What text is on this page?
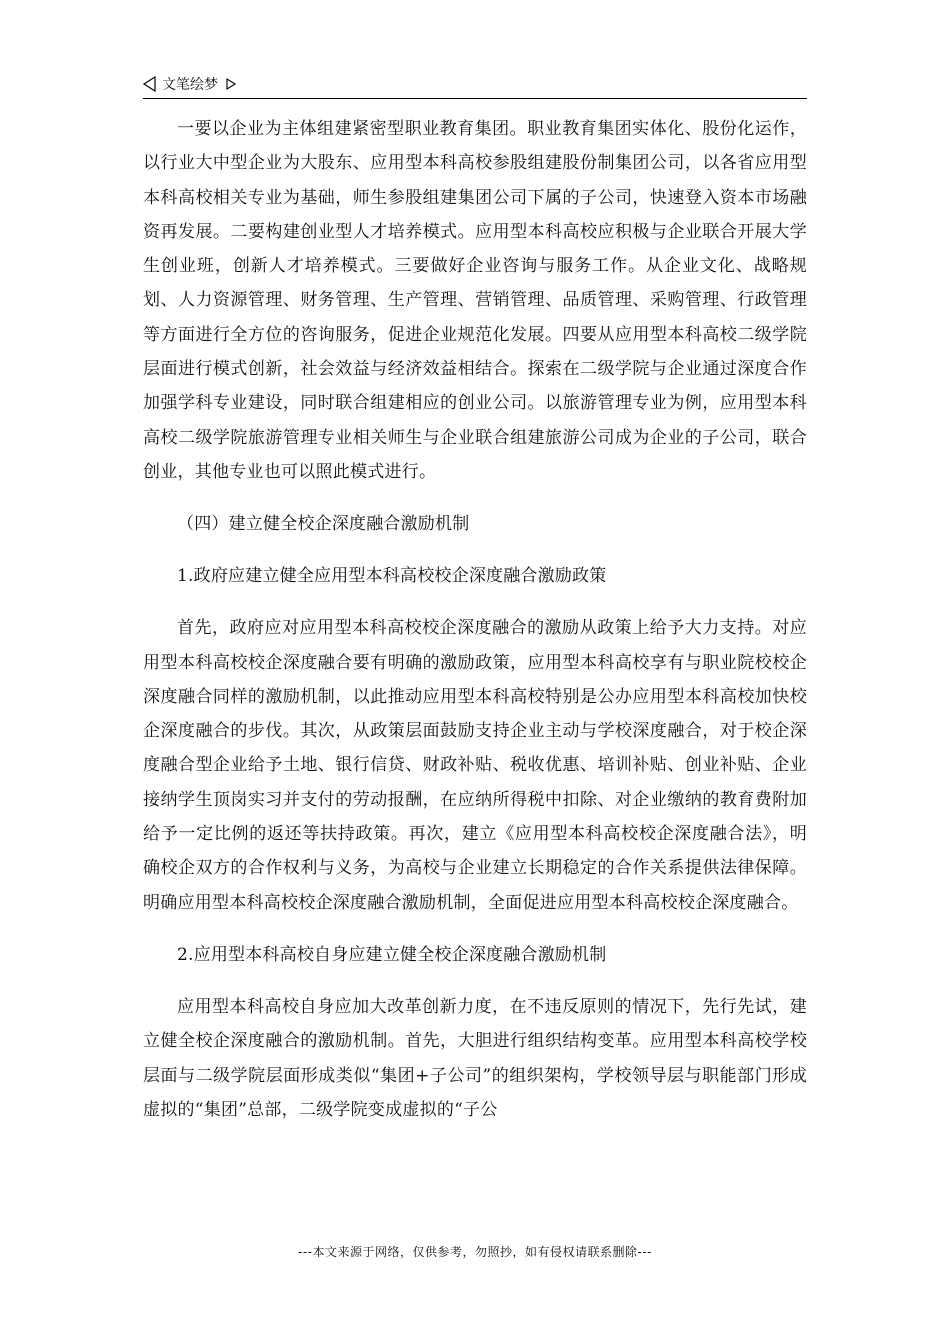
文笔绘梦

一要以企业为主体组建紧密型职业教育集团。职业教育集团实体化、股份化运作，以行业大中型企业为大股东、应用型本科高校参股组建股份制集团公司，以各省应用型本科高校相关专业为基础，师生参股组建集团公司下属的子公司，快速登入资本市场融资再发展。二要构建创业型人才培养模式。应用型本科高校应积极与企业联合开展大学生创业班，创新人才培养模式。三要做好企业咨询与服务工作。从企业文化、战略规划、人力资源管理、财务管理、生产管理、营销管理、品质管理、采购管理、行政管理等方面进行全方位的咨询服务，促进企业规范化发展。四要从应用型本科高校二级学院层面进行模式创新，社会效益与经济效益相结合。探索在二级学院与企业通过深度合作加强学科专业建设，同时联合组建相应的创业公司。以旅游管理专业为例，应用型本科高校二级学院旅游管理专业相关师生与企业联合组建旅游公司成为企业的子公司，联合创业，其他专业也可以照此模式进行。

（四）建立健全校企深度融合激励机制

1.政府应建立健全应用型本科高校校企深度融合激励政策

首先，政府应对应用型本科高校校企深度融合的激励从政策上给予大力支持。对应用型本科高校校企深度融合要有明确的激励政策，应用型本科高校享有与职业院校校企深度融合同样的激励机制，以此推动应用型本科高校特别是公办应用型本科高校加快校企深度融合的步伐。其次，从政策层面鼓励支持企业主动与学校深度融合，对于校企深度融合型企业给予土地、银行信贷、财政补贴、税收优惠、培训补贴、创业补贴、企业接纳学生顶岗实习并支付的劳动报酬，在应纳所得税中扣除、对企业缴纳的教育费附加给予一定比例的返还等扶持政策。再次，建立《应用型本科高校校企深度融合法》，明确校企双方的合作权利与义务，为高校与企业建立长期稳定的合作关系提供法律保障。明确应用型本科高校校企深度融合激励机制，全面促进应用型本科高校校企深度融合。

2.应用型本科高校自身应建立健全校企深度融合激励机制

应用型本科高校自身应加大改革创新力度，在不违反原则的情况下，先行先试，建立健全校企深度融合的激励机制。首先，大胆进行组织结构变革。应用型本科高校学校层面与二级学院层面形成类似“集团+子公司”的组织架构，学校领导层与职能部门形成虚拟的“集团”总部，二级学院变成虚拟的“子公

---本文来源于网络，仅供参考，勿照抄，如有侵权请联系删除---
